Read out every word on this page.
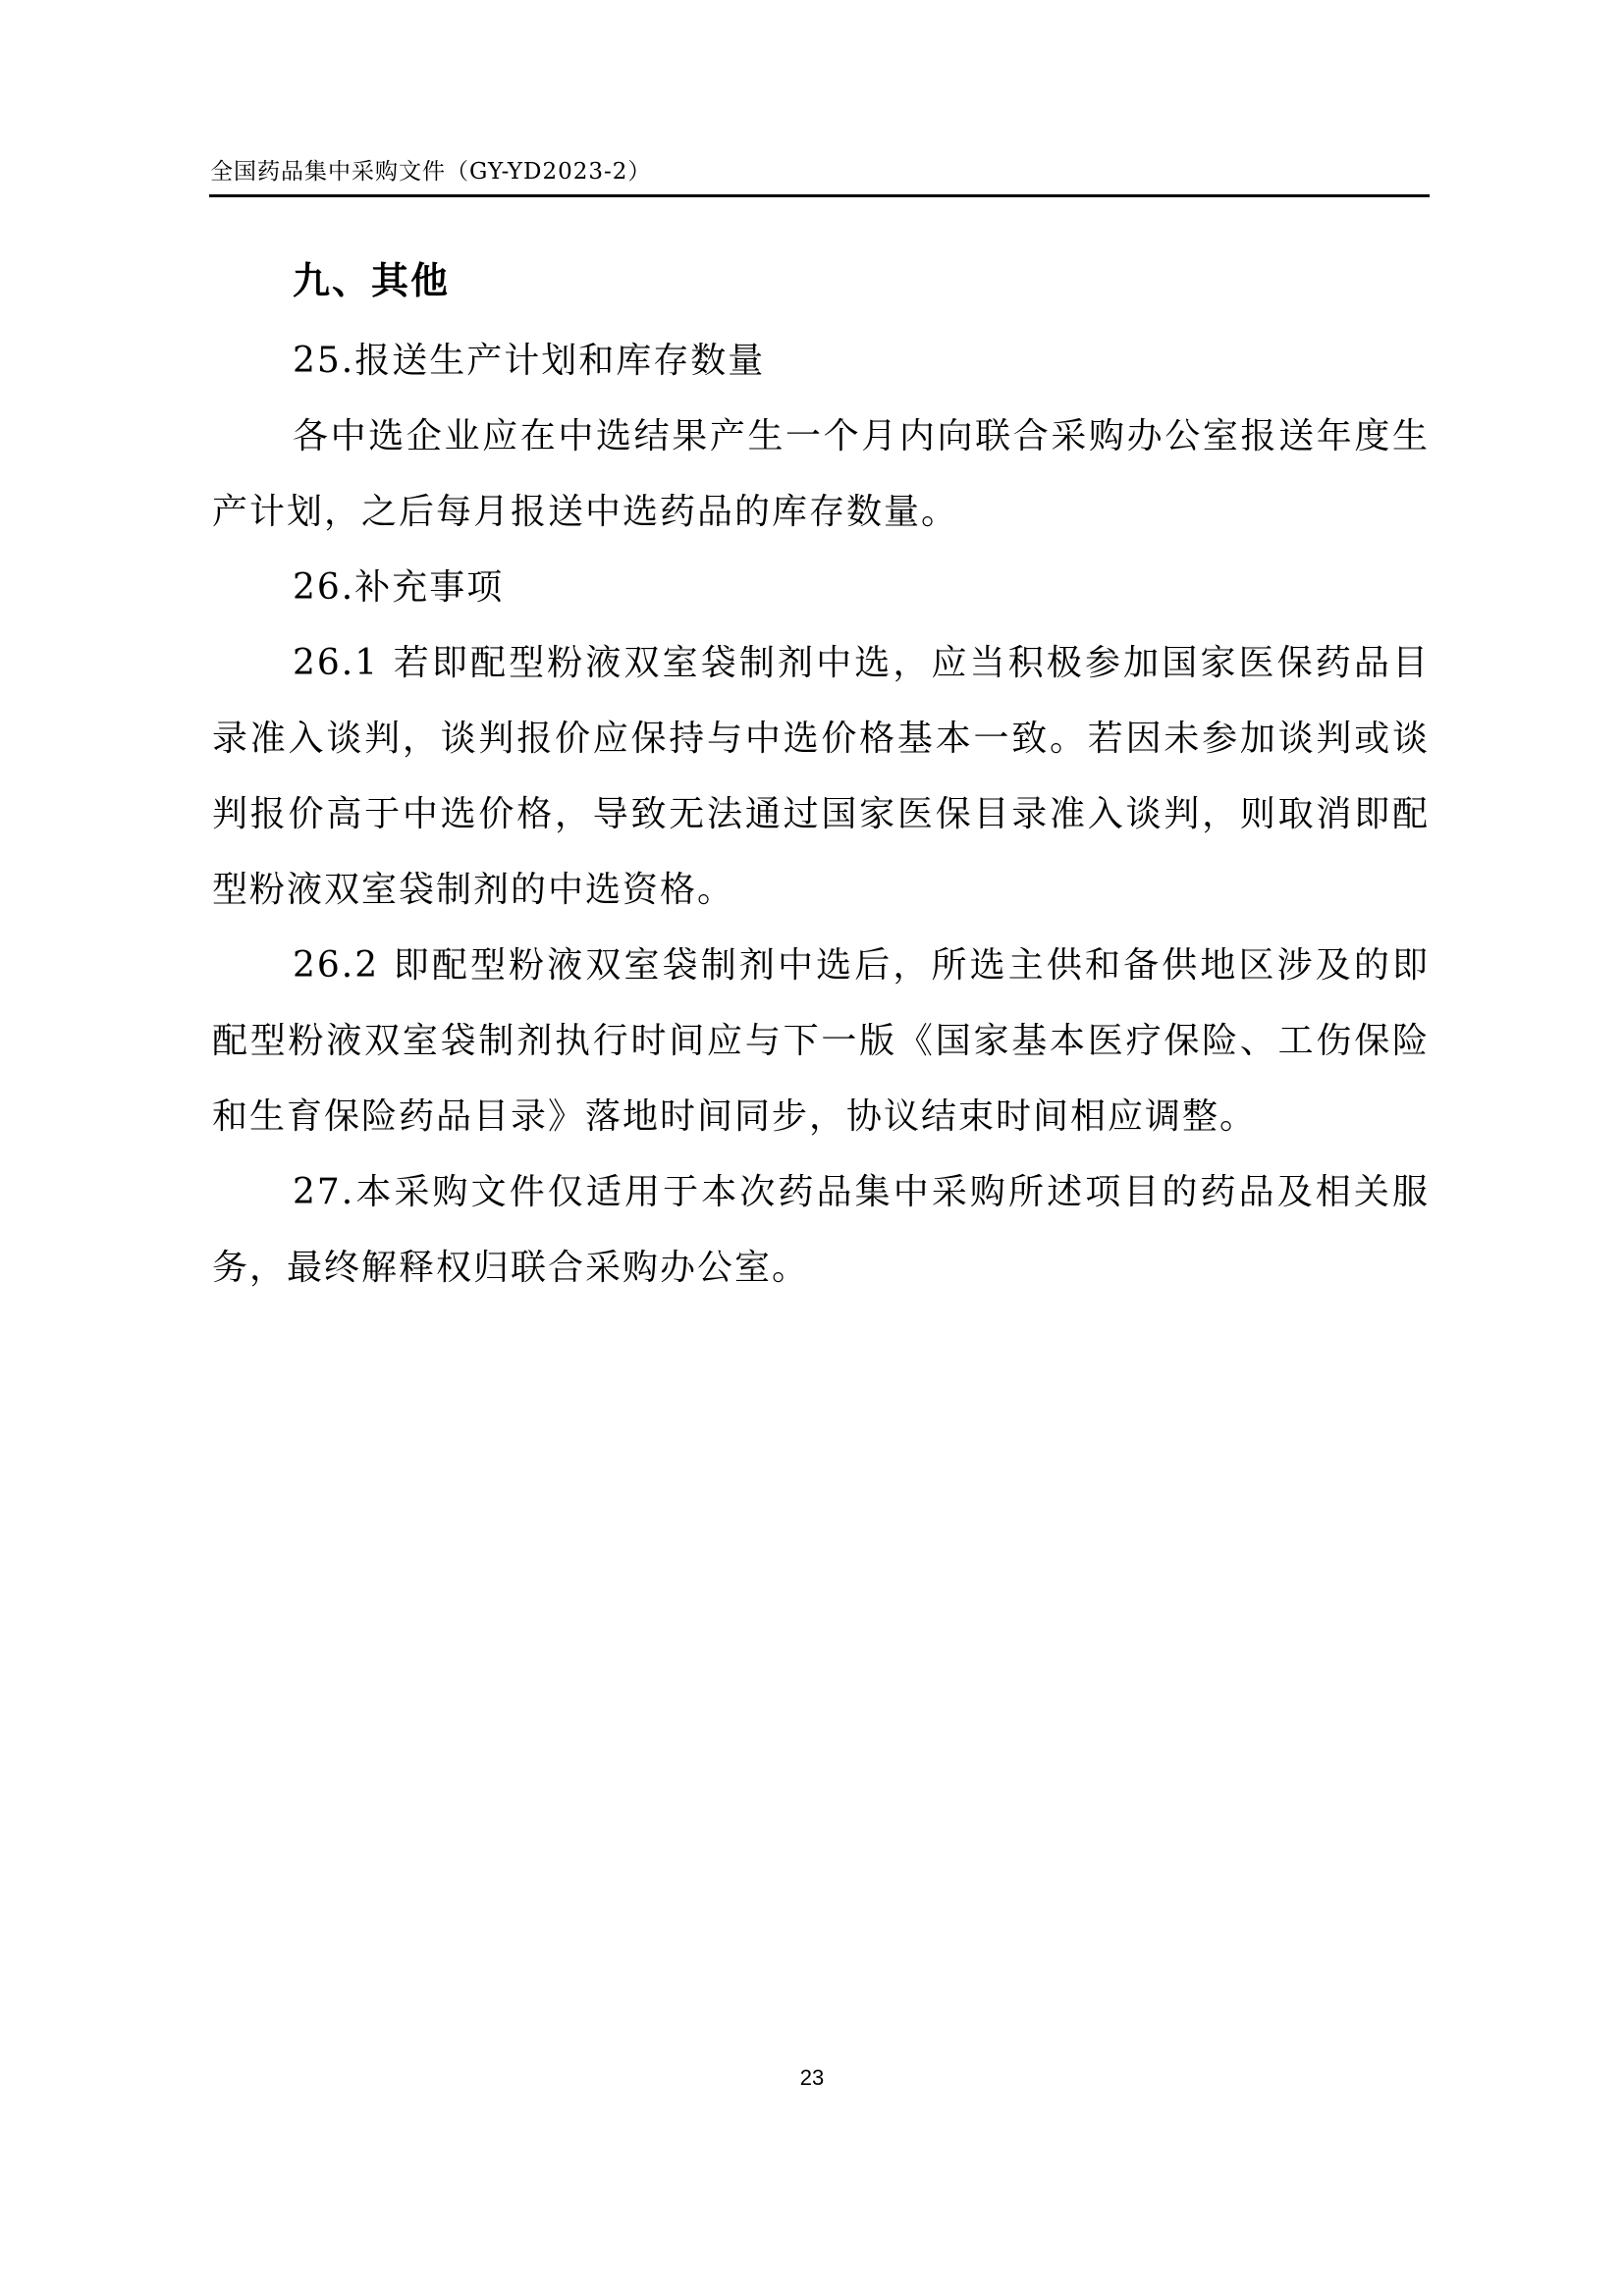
全国药品集中采购文件（GY-YD2023-2）
九、其他

25.报送生产计划和库存数量

各中选企业应在中选结果产生一个月内向联合采购办公室报送年度生产计划，之后每月报送中选药品的库存数量。

26.补充事项

26.1 若即配型粉液双室袋制剂中选，应当积极参加国家医保药品目录准入谈判，谈判报价应保持与中选价格基本一致。若因未参加谈判或谈判报价高于中选价格，导致无法通过国家医保目录准入谈判，则取消即配型粉液双室袋制剂的中选资格。

26.2 即配型粉液双室袋制剂中选后，所选主供和备供地区涉及的即配型粉液双室袋制剂执行时间应与下一版《国家基本医疗保险、工伤保险和生育保险药品目录》落地时间同步，协议结束时间相应调整。

27.本采购文件仅适用于本次药品集中采购所述项目的药品及相关服务，最终解释权归联合采购办公室。

23
